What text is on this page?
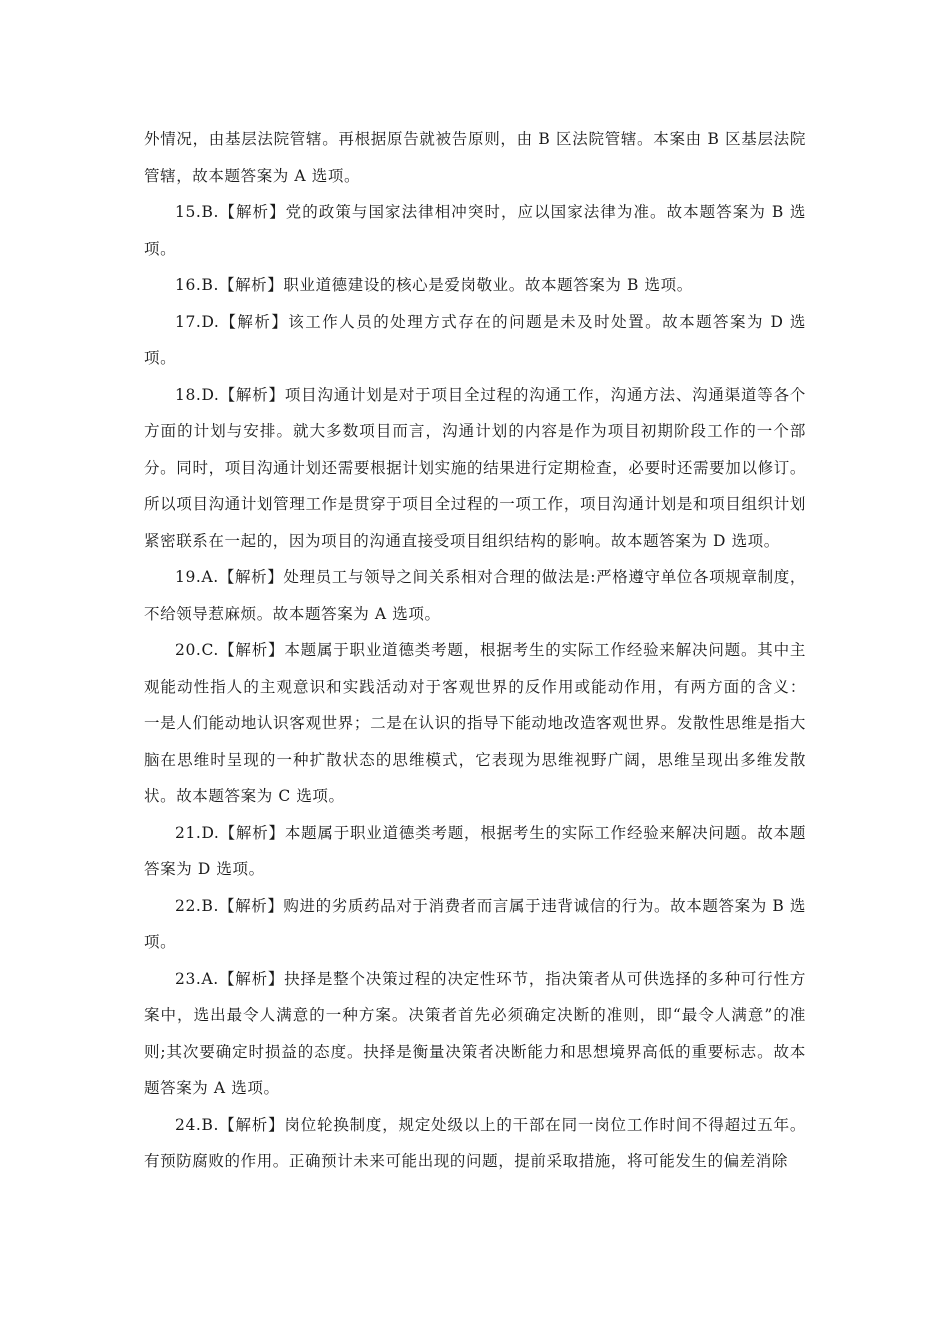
外情况，由基层法院管辖。再根据原告就被告原则，由 B 区法院管辖。本案由 B 区基层法院管辖，故本题答案为 A 选项。

15.B.【解析】党的政策与国家法律相冲突时，应以国家法律为准。故本题答案为 B 选项。

16.B.【解析】职业道德建设的核心是爱岗敬业。故本题答案为 B 选项。

17.D.【解析】该工作人员的处理方式存在的问题是未及时处置。故本题答案为 D 选项。

18.D.【解析】项目沟通计划是对于项目全过程的沟通工作，沟通方法、沟通渠道等各个方面的计划与安排。就大多数项目而言，沟通计划的内容是作为项目初期阶段工作的一个部分。同时，项目沟通计划还需要根据计划实施的结果进行定期检查，必要时还需要加以修订。所以项目沟通计划管理工作是贯穿于项目全过程的一项工作，项目沟通计划是和项目组织计划紧密联系在一起的，因为项目的沟通直接受项目组织结构的影响。故本题答案为 D 选项。

19.A.【解析】处理员工与领导之间关系相对合理的做法是:严格遵守单位各项规章制度，不给领导惹麻烦。故本题答案为 A 选项。

20.C.【解析】本题属于职业道德类考题，根据考生的实际工作经验来解决问题。其中主观能动性指人的主观意识和实践活动对于客观世界的反作用或能动作用，有两方面的含义： 一是人们能动地认识客观世界；二是在认识的指导下能动地改造客观世界。发散性思维是指大脑在思维时呈现的一种扩散状态的思维模式，它表现为思维视野广阔，思维呈现出多维发散状。故本题答案为 C 选项。

21.D.【解析】本题属于职业道德类考题，根据考生的实际工作经验来解决问题。故本题答案为 D 选项。

22.B.【解析】购进的劣质药品对于消费者而言属于违背诚信的行为。故本题答案为 B 选项。

23.A.【解析】抉择是整个决策过程的决定性环节，指决策者从可供选择的多种可行性方案中，选出最令人满意的一种方案。决策者首先必须确定决断的准则，即“最令人满意”的准则;其次要确定时损益的态度。抉择是衡量决策者决断能力和思想境界高低的重要标志。故本题答案为 A 选项。

24.B.【解析】岗位轮换制度，规定处级以上的干部在同一岗位工作时间不得超过五年。有预防腐败的作用。正确预计未来可能出现的问题，提前采取措施，将可能发生的偏差消除
